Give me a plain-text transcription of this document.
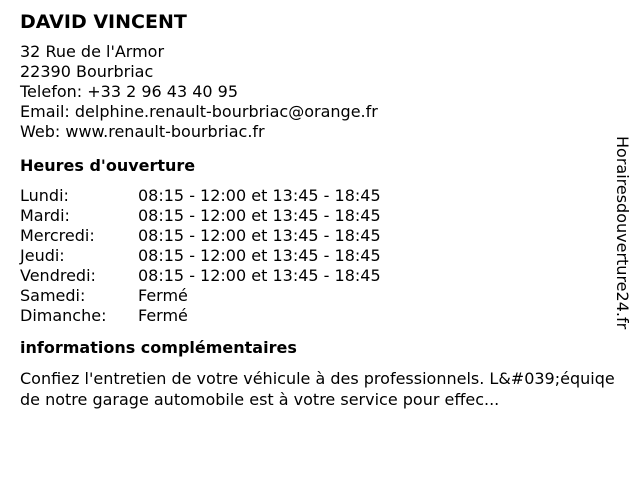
DAVID VINCENT
32 Rue de l'Armor
22390 Bourbriac
Telefon: +33 2 96 43 40 95
Email: delphine.renault-bourbriac@orange.fr
Web: www.renault-bourbriac.fr
Heures d'ouverture
Lundi:	08:15 - 12:00 et 13:45 - 18:45
Mardi:	08:15 - 12:00 et 13:45 - 18:45
Mercredi:	08:15 - 12:00 et 13:45 - 18:45
Jeudi:	08:15 - 12:00 et 13:45 - 18:45
Vendredi:	08:15 - 12:00 et 13:45 - 18:45
Samedi:	Fermé
Dimanche:	Fermé
informations complémentaires
Confiez l'entretien de votre véhicule à des professionnels. L&#039;équiqe de notre garage automobile est à votre service pour effec...
Horairesdouverture24.fr
